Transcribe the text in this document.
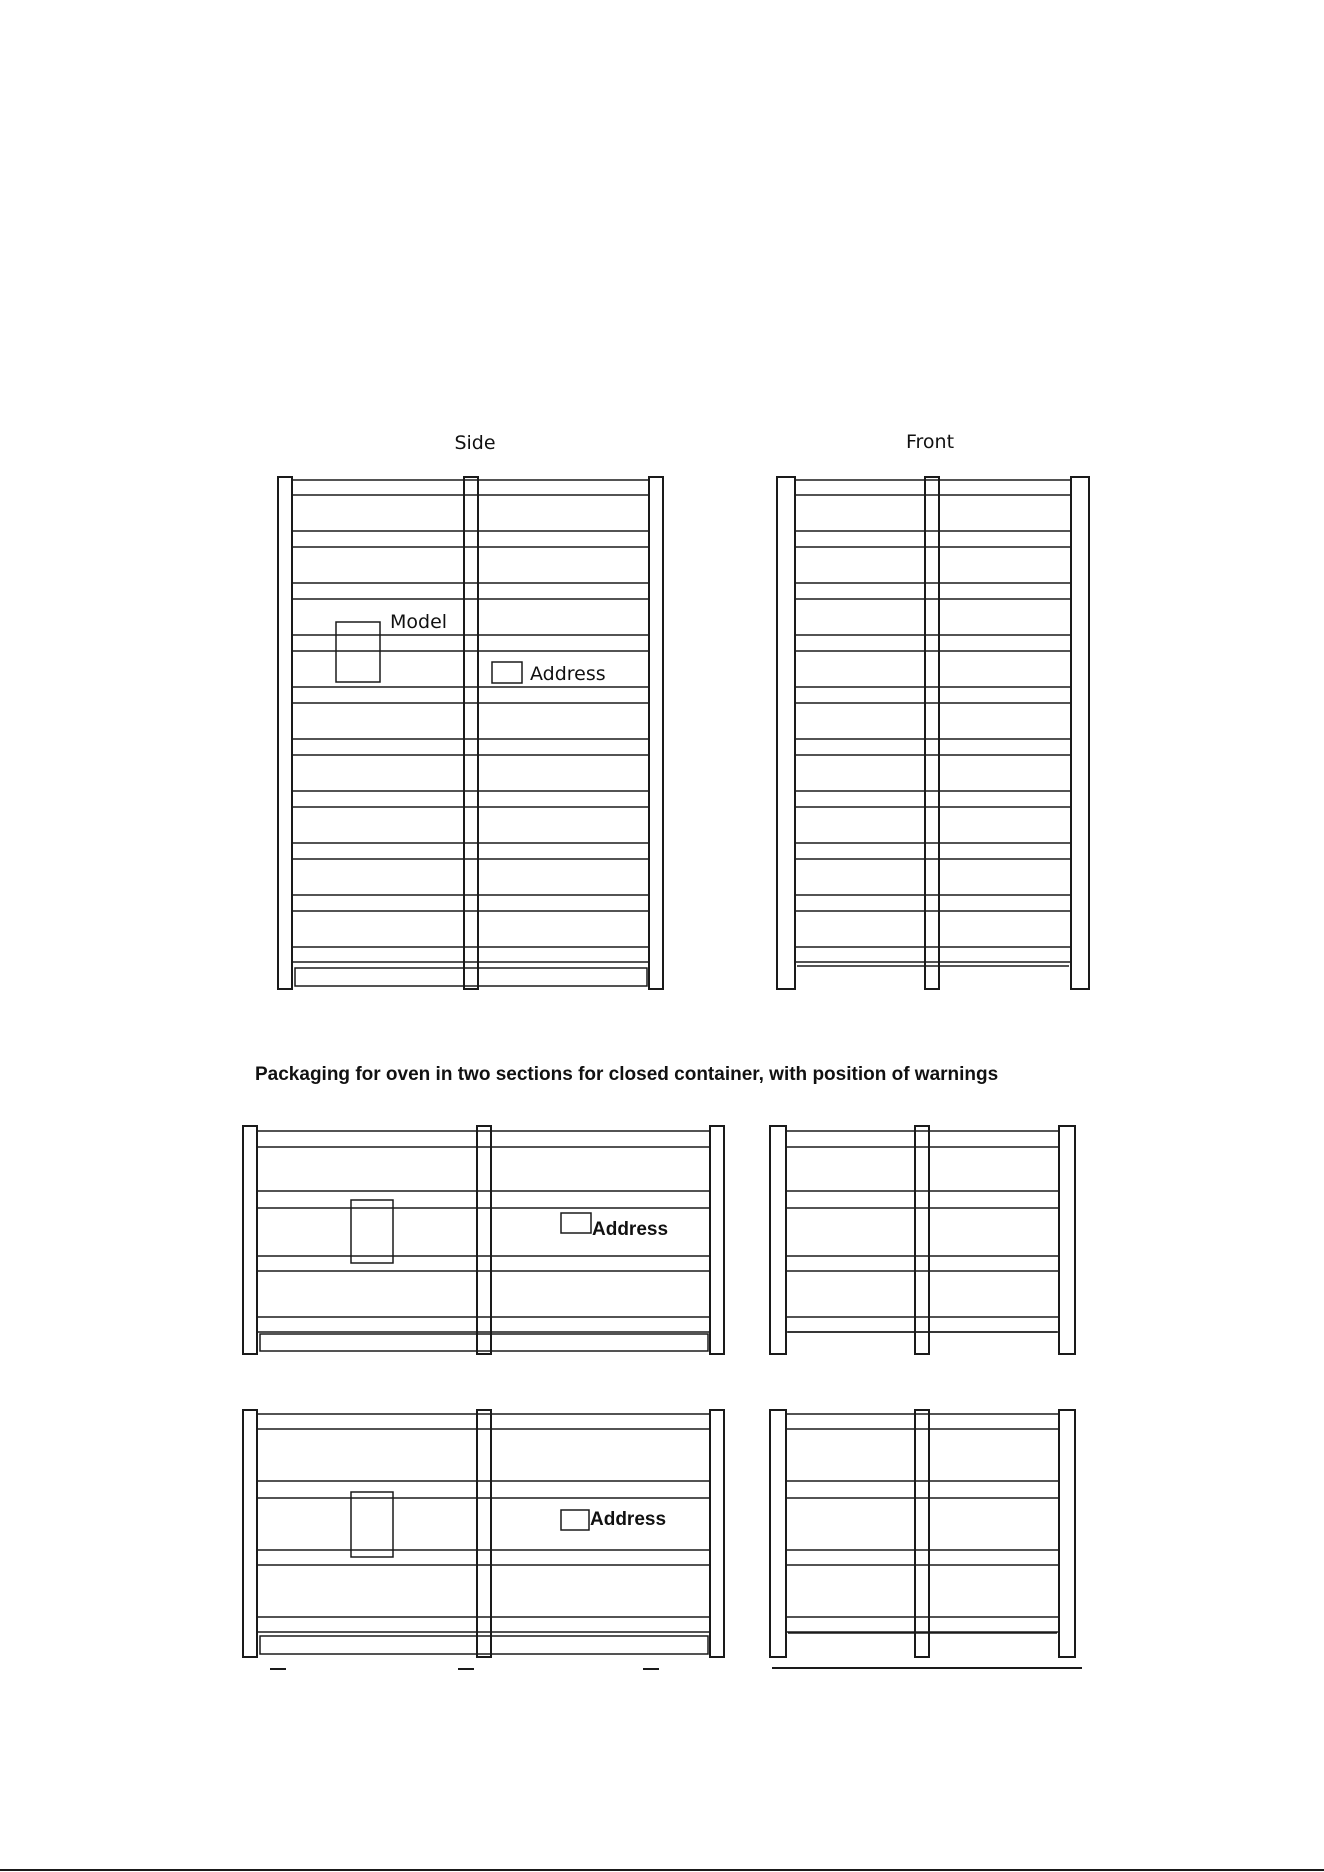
Side	Front
Model
Address
Packaging for oven in two sections for closed container, with position of warnings
Address
Address
